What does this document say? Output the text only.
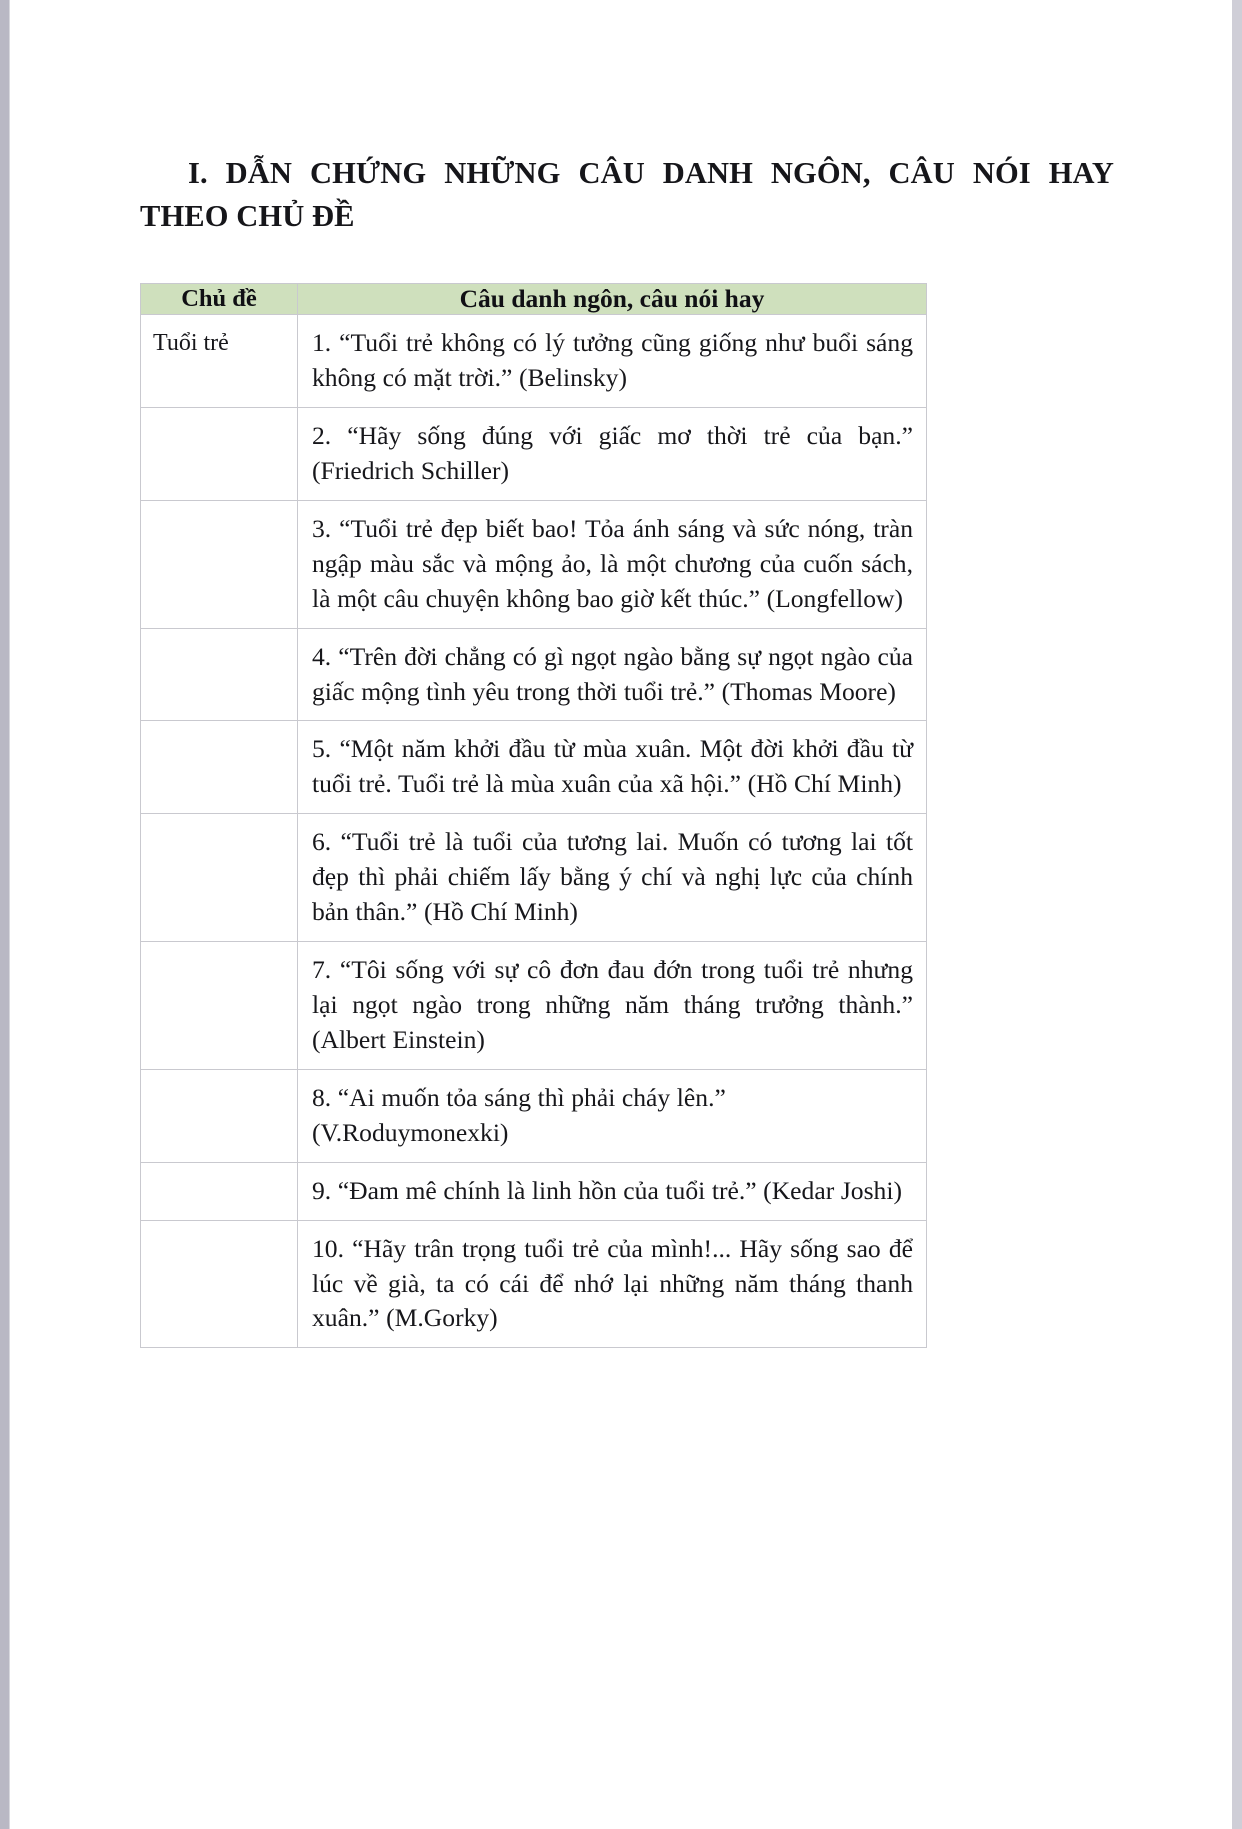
I. DẪN CHỨNG NHỮNG CÂU DANH NGÔN, CÂU NÓI HAY THEO CHỦ ĐỀ
Chủ đề	Câu danh ngôn, câu nói hay
Tuổi trẻ	1. “Tuổi trẻ không có lý tưởng cũng giống như buổi sáng không có mặt trời.” (Belinsky)
	2. “Hãy sống đúng với giấc mơ thời trẻ của bạn.” (Friedrich Schiller)
	3. “Tuổi trẻ đẹp biết bao! Tỏa ánh sáng và sức nóng, tràn ngập màu sắc và mộng ảo, là một chương của cuốn sách, là một câu chuyện không bao giờ kết thúc.” (Longfellow)
	4. “Trên đời chẳng có gì ngọt ngào bằng sự ngọt ngào của giấc mộng tình yêu trong thời tuổi trẻ.” (Thomas Moore)
	5. “Một năm khởi đầu từ mùa xuân. Một đời khởi đầu từ tuổi trẻ. Tuổi trẻ là mùa xuân của xã hội.” (Hồ Chí Minh)
	6. “Tuổi trẻ là tuổi của tương lai. Muốn có tương lai tốt đẹp thì phải chiếm lấy bằng ý chí và nghị lực của chính bản thân.” (Hồ Chí Minh)
	7. “Tôi sống với sự cô đơn đau đớn trong tuổi trẻ nhưng lại ngọt ngào trong những năm tháng trưởng thành.” (Albert Einstein)
	8. “Ai muốn tỏa sáng thì phải cháy lên.” (V.Roduymonexki)
	9. “Đam mê chính là linh hồn của tuổi trẻ.” (Kedar Joshi)
	10. “Hãy trân trọng tuổi trẻ của mình!... Hãy sống sao để lúc về già, ta có cái để nhớ lại những năm tháng thanh xuân.” (M.Gorky)
